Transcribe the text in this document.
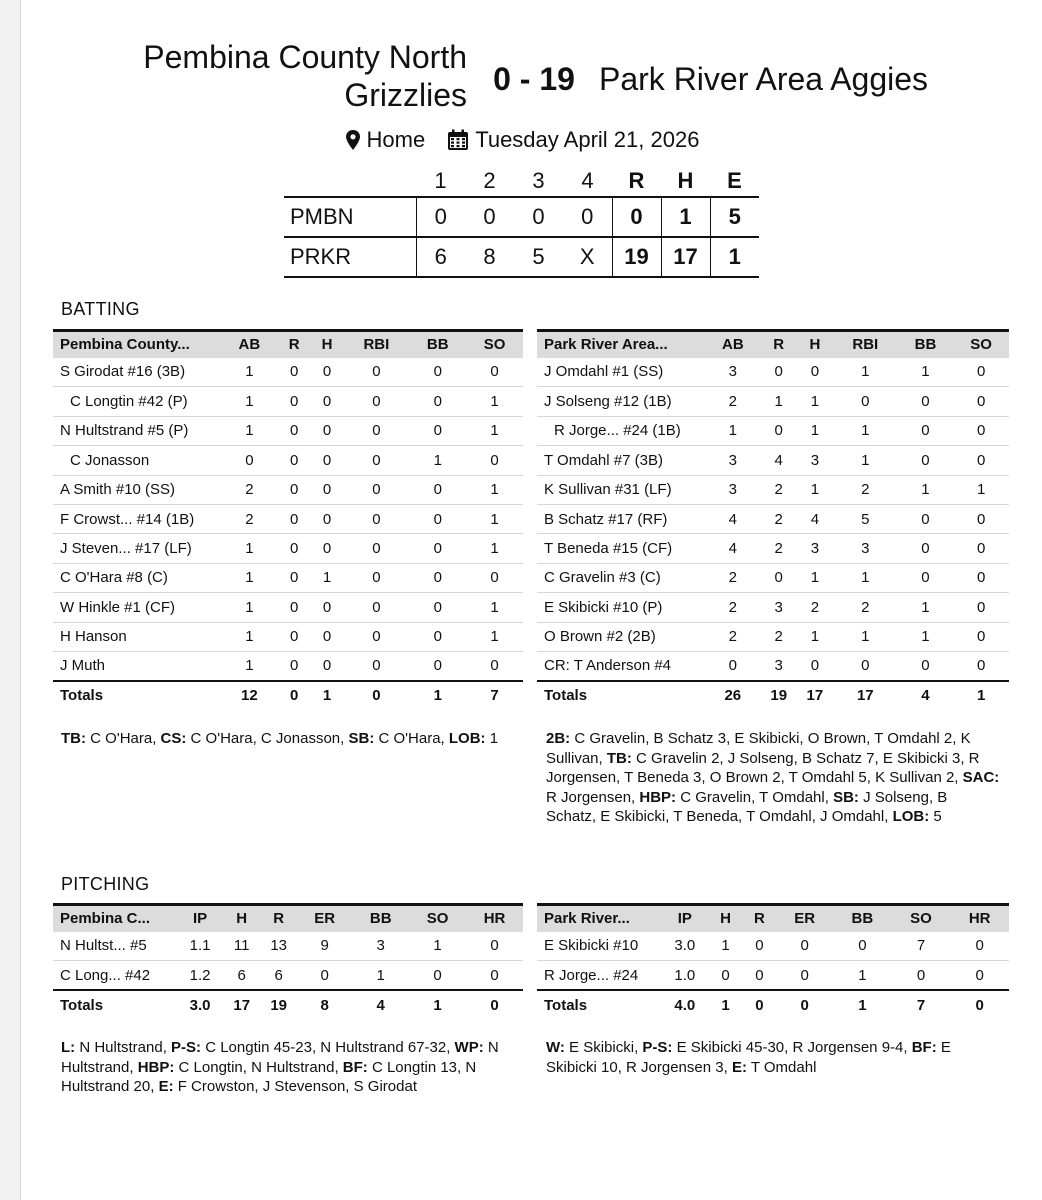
Pembina County North
Grizzlies 0 - 19 Park River Area Aggies
Home Tuesday April 21, 2026
	1	2	3	4	R	H	E
PMBN	0	0	0	0	0	1	5
PRKR	6	8	5	X	19	17	1
BATTING
Pembina County...	AB	R	H	RBI	BB	SO
S Girodat #16 (3B)	1	0	0	0	0	0
C Longtin #42 (P)	1	0	0	0	0	1
N Hultstrand #5 (P)	1	0	0	0	0	1
C Jonasson	0	0	0	0	1	0
A Smith #10 (SS)	2	0	0	0	0	1
F Crowst... #14 (1B)	2	0	0	0	0	1
J Steven... #17 (LF)	1	0	0	0	0	1
C O'Hara #8 (C)	1	0	1	0	0	0
W Hinkle #1 (CF)	1	0	0	0	0	1
H Hanson	1	0	0	0	0	1
J Muth	1	0	0	0	0	0
Totals	12	0	1	0	1	7
Park River Area...	AB	R	H	RBI	BB	SO
J Omdahl #1 (SS)	3	0	0	1	1	0
J Solseng #12 (1B)	2	1	1	0	0	0
R Jorge... #24 (1B)	1	0	1	1	0	0
T Omdahl #7 (3B)	3	4	3	1	0	0
K Sullivan #31 (LF)	3	2	1	2	1	1
B Schatz #17 (RF)	4	2	4	5	0	0
T Beneda #15 (CF)	4	2	3	3	0	0
C Gravelin #3 (C)	2	0	1	1	0	0
E Skibicki #10 (P)	2	3	2	2	1	0
O Brown #2 (2B)	2	2	1	1	1	0
CR: T Anderson #4	0	3	0	0	0	0
Totals	26	19	17	17	4	1
TB: C O'Hara, CS: C O'Hara, C Jonasson, SB: C O'Hara, LOB: 1	2B: C Gravelin, B Schatz 3, E Skibicki, O Brown, T Omdahl 2, K Sullivan, TB: C Gravelin 2, J Solseng, B Schatz 7, E Skibicki 3, R Jorgensen, T Beneda 3, O Brown 2, T Omdahl 5, K Sullivan 2, SAC: R Jorgensen, HBP: C Gravelin, T Omdahl, SB: J Solseng, B Schatz, E Skibicki, T Beneda, T Omdahl, J Omdahl, LOB: 5
PITCHING
Pembina C...	IP	H	R	ER	BB	SO	HR
N Hultst... #5	1.1	11	13	9	3	1	0
C Long... #42	1.2	6	6	0	1	0	0
Totals	3.0	17	19	8	4	1	0
Park River...	IP	H	R	ER	BB	SO	HR
E Skibicki #10	3.0	1	0	0	0	7	0
R Jorge... #24	1.0	0	0	0	1	0	0
Totals	4.0	1	0	0	1	7	0
L: N Hultstrand, P-S: C Longtin 45-23, N Hultstrand 67-32, WP: N Hultstrand, HBP: C Longtin, N Hultstrand, BF: C Longtin 13, N Hultstrand 20, E: F Crowston, J Stevenson, S Girodat
W: E Skibicki, P-S: E Skibicki 45-30, R Jorgensen 9-4, BF: E Skibicki 10, R Jorgensen 3, E: T Omdahl
